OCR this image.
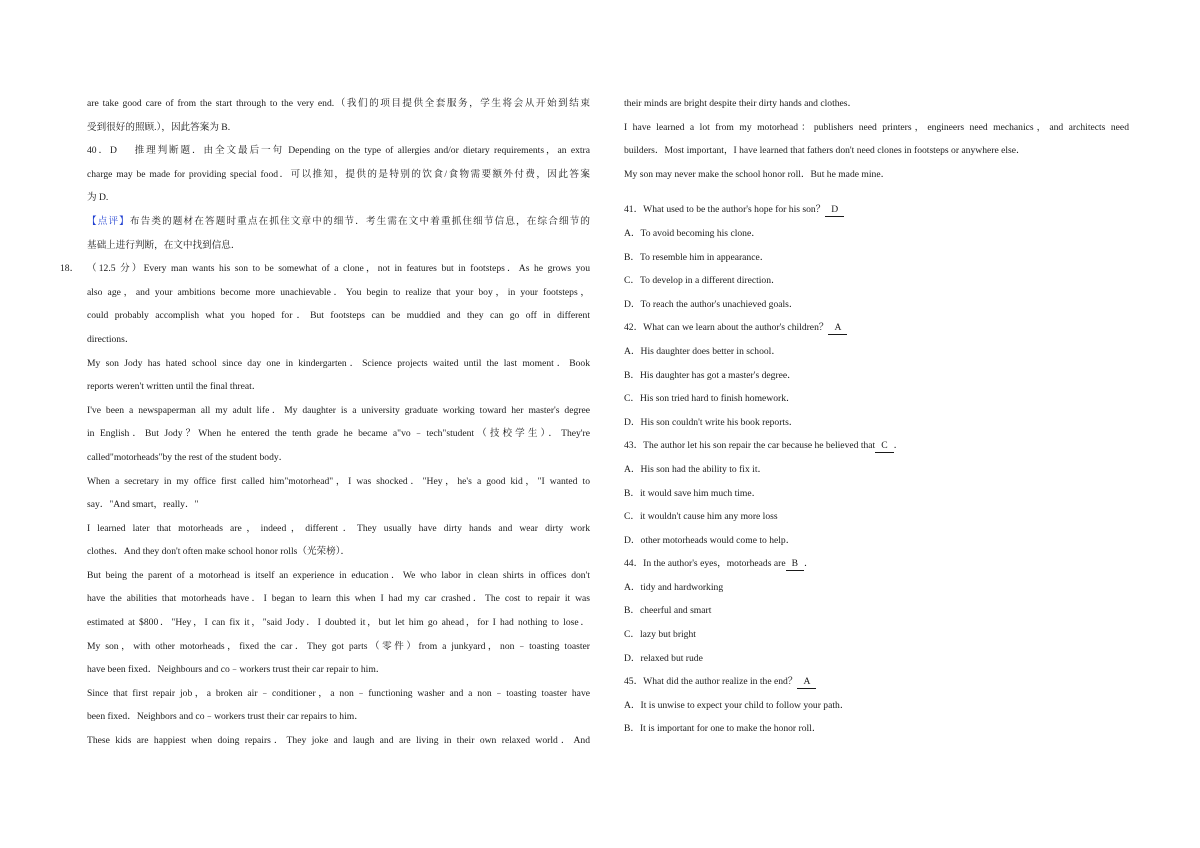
are take good care of from the start through to the very end.（我们的项目提供全套服务，学生将会从开始到结束
受到很好的照顾.），因此答案为 B.
40．D　 推理判断题．由全文最后一句 Depending on the type of allergies and/or dietary requirements，an extra
charge may be made for providing special food．可以推知，提供的是特别的饮食/食物需要额外付费，因此答案
为 D.
【点评】布告类的题材在答题时重点在抓住文章中的细节．考生需在文中着重抓住细节信息，在综合细节的
基础上进行判断，在文中找到信息．
18． （12.5 分）Every man wants his son to be somewhat of a clone，not in features but in footsteps．As he grows you
also age，and your ambitions become more unachievable．You begin to realize that your boy，in your footsteps，
could probably accomplish what you hoped for．But footsteps can be muddied and they can go off in different
directions．
My son Jody has hated school since day one in kindergarten．Science projects waited until the last moment．Book
reports weren't written until the final threat．
I've been a newspaperman all my adult life．My daughter is a university graduate working toward her master's degree
in English．But Jody？When he entered the tenth grade he became a"vo﹣tech"student（技校学生）．They're
called"motorheads"by the rest of the student body．
When a secretary in my office first called him"motorhead"，I was shocked．"Hey，he's a good kid，"I wanted to
say．"And smart，really．"
I learned later that motorheads are，indeed，different．They usually have dirty hands and wear dirty work
clothes．And they don't often make school honor rolls（光荣榜）．
But being the parent of a motorhead is itself an experience in education．We who labor in clean shirts in offices don't
have the abilities that motorheads have．I began to learn this when I had my car crashed．The cost to repair it was
estimated at $800．"Hey，I can fix it，"said Jody．I doubted it，but let him go ahead，for I had nothing to lose．
My son，with other motorheads，fixed the car．They got parts（零件）from a junkyard，non﹣toasting toaster
have been fixed．Neighbours and co﹣workers trust their car repair to him．
Since that first repair job，a broken air﹣conditioner，a non﹣functioning washer and a non﹣toasting toaster have
been fixed．Neighbors and co﹣workers trust their car repairs to him．
These kids are happiest when doing repairs．They joke and laugh and are living in their own relaxed world．And
their minds are bright despite their dirty hands and clothes．
I have learned a lot from my motorhead：publishers need printers，engineers need mechanics，and architects need
builders．Most important，I have learned that fathers don't need clones in footsteps or anywhere else．
My son may never make the school honor roll．But he made mine．
41．What used to be the author's hope for his son？ D
A．To avoid becoming his clone．
B．To resemble him in appearance．
C．To develop in a different direction．
D．To reach the author's unachieved goals．
42．What can we learn about the author's children？ A
A．His daughter does better in school．
B．His daughter has got a master's degree．
C．His son tried hard to finish homework．
D．His son couldn't write his book reports．
43．The author let his son repair the car because he believed that C ．
A．His son had the ability to fix it．
B．it would save him much time．
C．it wouldn't cause him any more loss
D．other motorheads would come to help．
44．In the author's eyes，motorheads are B ．
A．tidy and hardworking
B．cheerful and smart
C．lazy but bright
D．relaxed but rude
45．What did the author realize in the end？ A
A．It is unwise to expect your child to follow your path．
B．It is important for one to make the honor roll．
